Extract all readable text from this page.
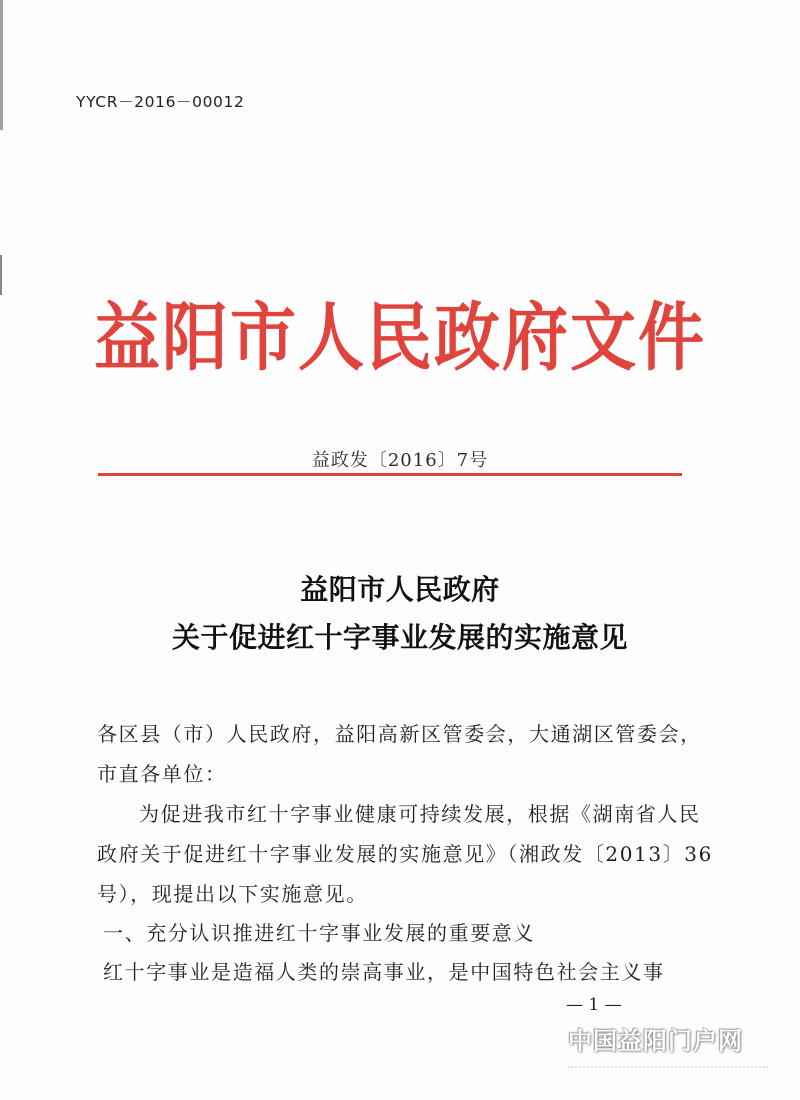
YYCR－2016－00012
益阳市人民政府文件
益政发〔2016〕7号
益阳市人民政府
关于促进红十字事业发展的实施意见
各区县（市）人民政府，益阳高新区管委会，大通湖区管委会，
市直各单位：
为促进我市红十字事业健康可持续发展，根据《湖南省人民
政府关于促进红十字事业发展的实施意见》（湘政发〔2013〕36
号），现提出以下实施意见。
一、充分认识推进红十字事业发展的重要意义
红十字事业是造福人类的崇高事业，是中国特色社会主义事
— 1 —
中国益阳门户网
